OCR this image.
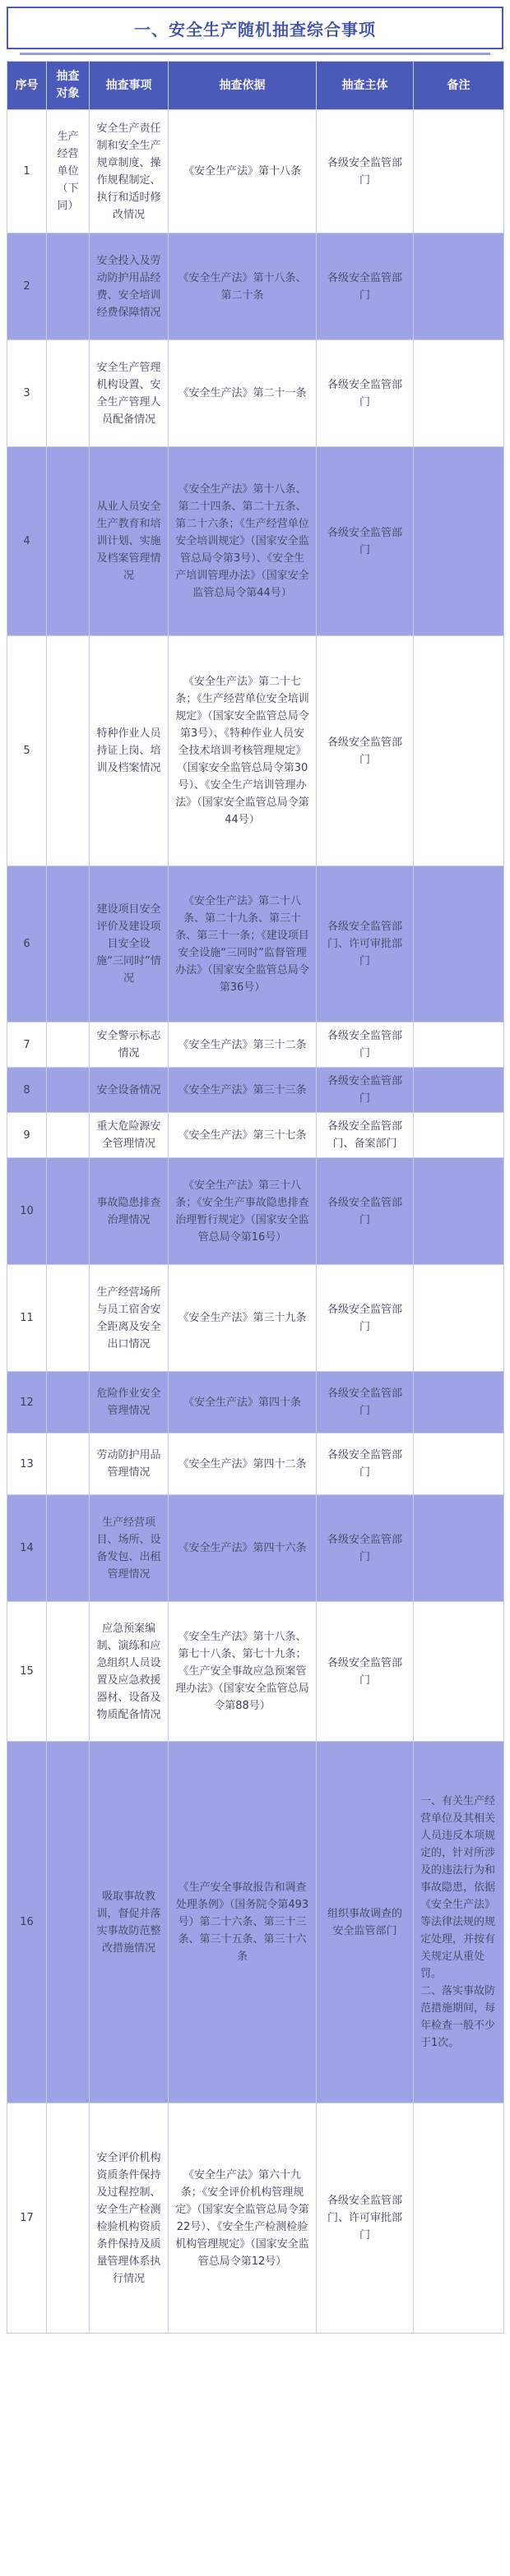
一、安全生产随机抽查综合事项
序号	抽查对象	抽查事项	抽查依据	抽查主体	备注
1	生产经营单位（下同）	安全生产责任制和安全生产规章制度、操作规程制定、执行和适时修改情况	《安全生产法》第十八条	各级安全监管部门	
2		安全投入及劳动防护用品经费、安全培训经费保障情况	《安全生产法》第十八条、第二十条	各级安全监管部门	
3		安全生产管理机构设置、安全生产管理人员配备情况	《安全生产法》第二十一条	各级安全监管部门	
4		从业人员安全生产教育和培训计划、实施及档案管理情况	《安全生产法》第十八条、第二十四条、第二十五条、第二十六条；《生产经营单位安全培训规定》（国家安全监管总局令第3号）、《安全生产培训管理办法》（国家安全监管总局令第44号）	各级安全监管部门	
5		特种作业人员持证上岗、培训及档案情况	《安全生产法》第二十七条；《生产经营单位安全培训规定》（国家安全监管总局令第3号）、《特种作业人员安全技术培训考核管理规定》（国家安全监管总局令第30号）、《安全生产培训管理办法》（国家安全监管总局令第44号）	各级安全监管部门	
6		建设项目安全评价及建设项目安全设施“三同时”情况	《安全生产法》第二十八条、第二十九条、第三十条、第三十一条；《建设项目安全设施“三同时”监督管理办法》（国家安全监管总局令第36号）	各级安全监管部门、许可审批部门	
7		安全警示标志情况	《安全生产法》第三十二条	各级安全监管部门	
8		安全设备情况	《安全生产法》第三十三条	各级安全监管部门	
9		重大危险源安全管理情况	《安全生产法》第三十七条	各级安全监管部门、备案部门	
10		事故隐患排查治理情况	《安全生产法》第三十八条；《安全生产事故隐患排查治理暂行规定》（国家安全监管总局令第16号）	各级安全监管部门	
11		生产经营场所与员工宿舍安全距离及安全出口情况	《安全生产法》第三十九条	各级安全监管部门	
12		危险作业安全管理情况	《安全生产法》第四十条	各级安全监管部门	
13		劳动防护用品管理情况	《安全生产法》第四十二条	各级安全监管部门	
14		生产经营项目、场所、设备发包、出租管理情况	《安全生产法》第四十六条	各级安全监管部门	
15		应急预案编制、演练和应急组织人员设置及应急救援器材、设备及物质配备情况	《安全生产法》第十八条、第七十八条、第七十九条；《生产安全事故应急预案管理办法》（国家安全监管总局令第88号）	各级安全监管部门	
16		吸取事故教训，督促并落实事故防范整改措施情况	《生产安全事故报告和调查处理条例》（国务院令第493号）第二十六条、第三十三条、第三十五条、第三十六条	组织事故调查的安全监管部门	一、有关生产经营单位及其相关人员违反本项规定的，针对所涉及的违法行为和事故隐患，依据《安全生产法》等法律法规的规定处理，并按有关规定从重处罚。
二、落实事故防范措施期间，每年检查一般不少于1次。

17		安全评价机构资质条件保持及过程控制、安全生产检测检验机构资质条件保持及质量管理体系执行情况	《安全生产法》第六十九条；《安全评价机构管理规定》（国家安全监管总局令第22号）、《安全生产检测检验机构管理规定》（国家安全监管总局令第12号）	各级安全监管部门、许可审批部门	
